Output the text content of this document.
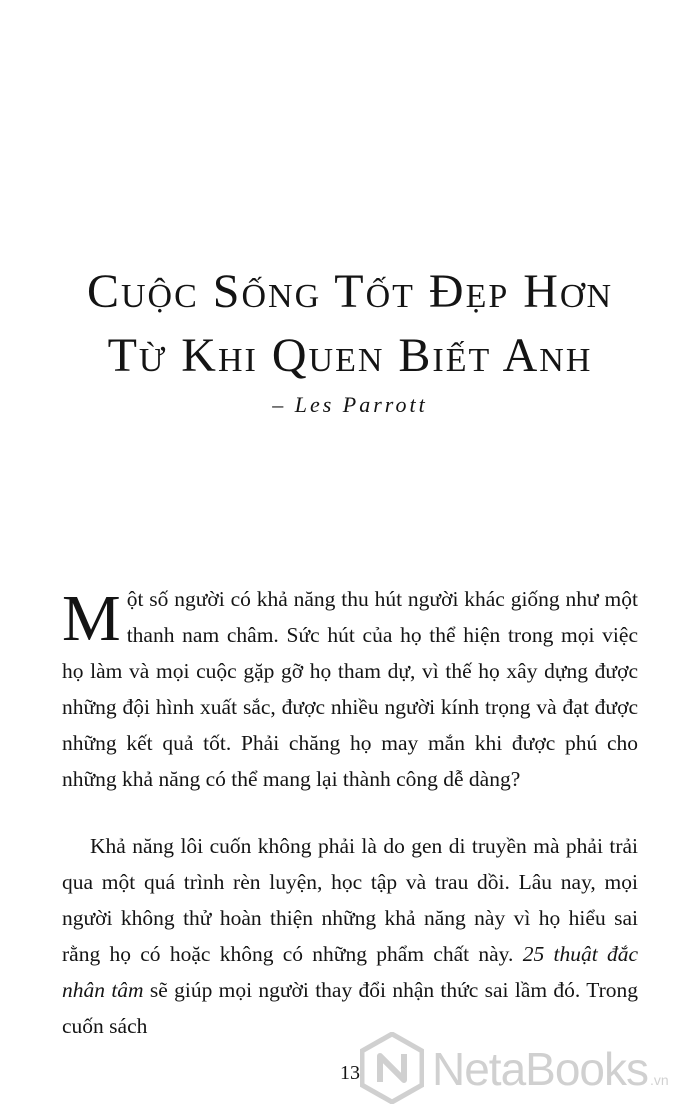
Cuộc Sống Tốt Đẹp Hơn
Từ Khi Quen Biết Anh
– Les Parrott

Một số người có khả năng thu hút người khác giống như một thanh nam châm. Sức hút của họ thể hiện trong mọi việc họ làm và mọi cuộc gặp gỡ họ tham dự, vì thế họ xây dựng được những đội hình xuất sắc, được nhiều người kính trọng và đạt được những kết quả tốt. Phải chăng họ may mắn khi được phú cho những khả năng có thể mang lại thành công dễ dàng?

Khả năng lôi cuốn không phải là do gen di truyền mà phải trải qua một quá trình rèn luyện, học tập và trau dồi. Lâu nay, mọi người không thử hoàn thiện những khả năng này vì họ hiểu sai rằng họ có hoặc không có những phẩm chất này. 25 thuật đắc nhân tâm sẽ giúp mọi người thay đổi nhận thức sai lầm đó. Trong cuốn sách

13	NetaBooks .vn
